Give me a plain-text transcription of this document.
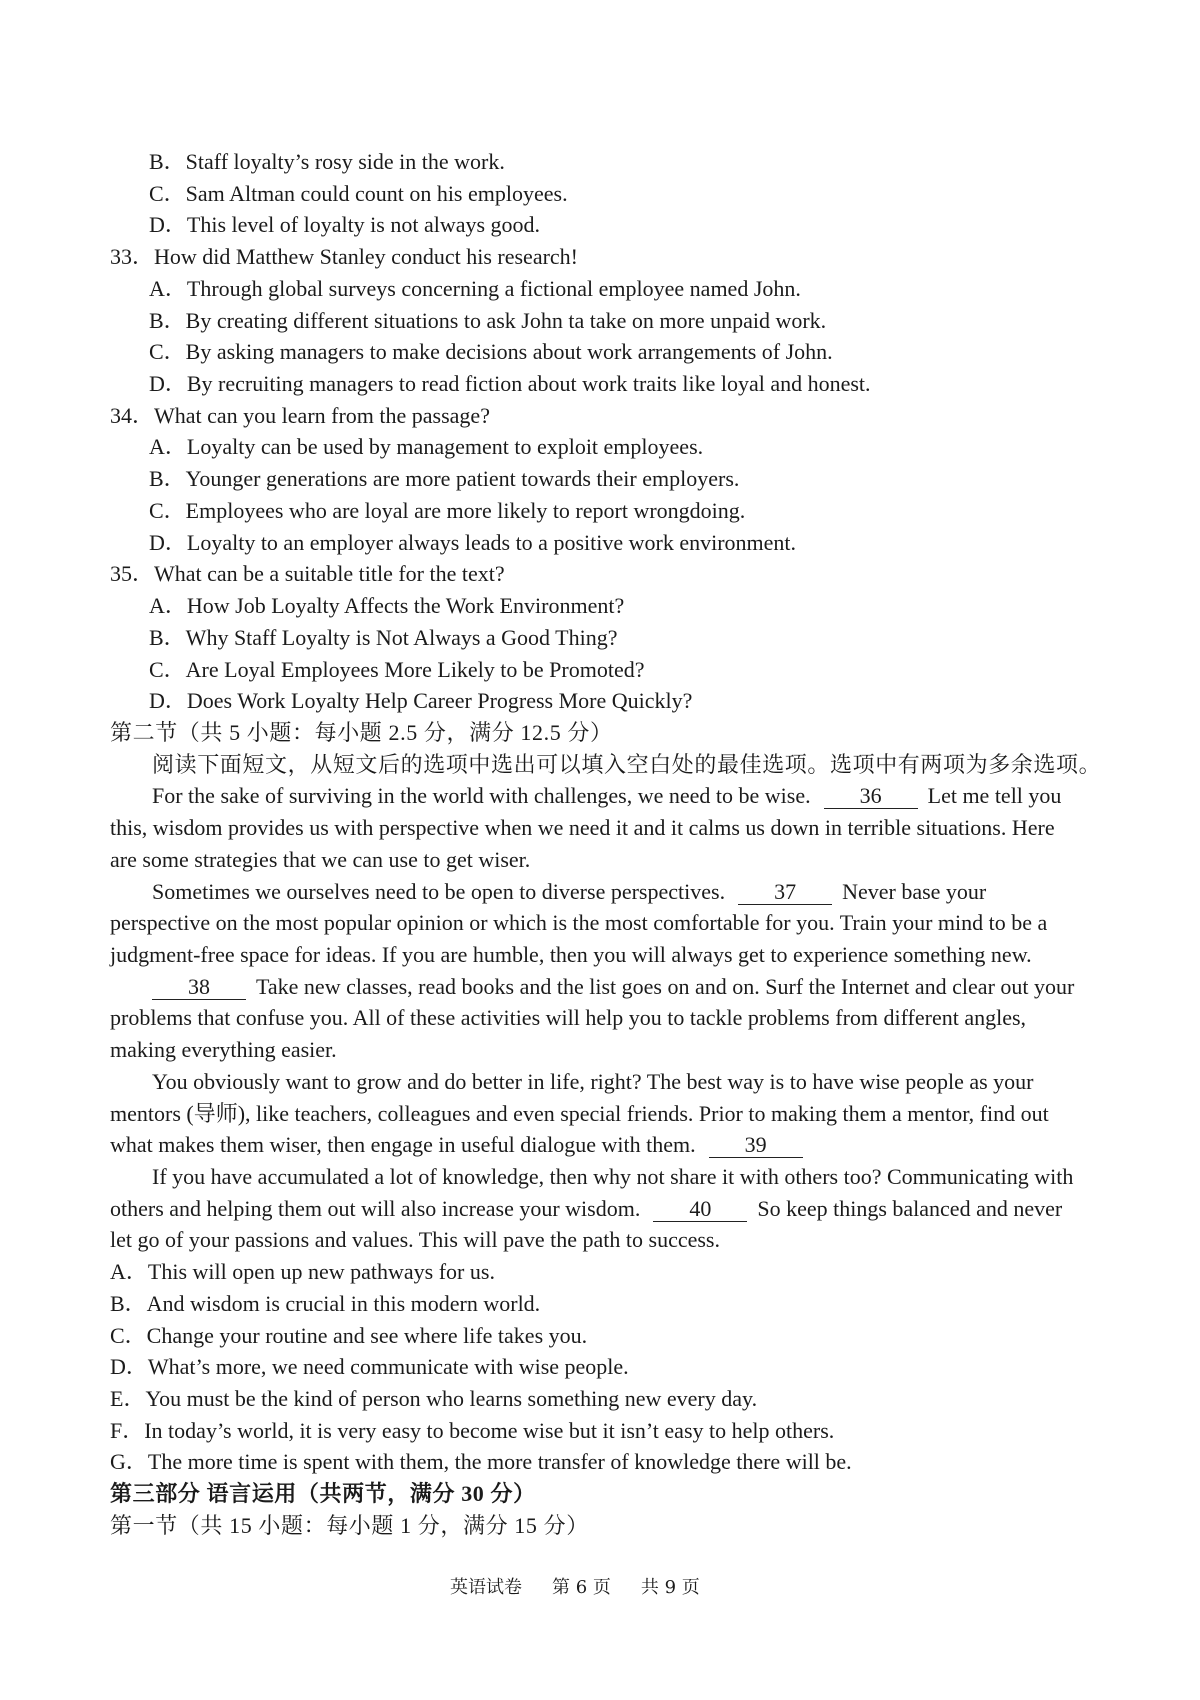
B．Staff loyalty’s rosy side in the work.
C．Sam Altman could count on his employees.
D．This level of loyalty is not always good.
33．How did Matthew Stanley conduct his research!
A．Through global surveys concerning a fictional employee named John.
B．By creating different situations to ask John ta take on more unpaid work.
C．By asking managers to make decisions about work arrangements of John.
D．By recruiting managers to read fiction about work traits like loyal and honest.
34．What can you learn from the passage?
A．Loyalty can be used by management to exploit employees.
B．Younger generations are more patient towards their employers.
C．Employees who are loyal are more likely to report wrongdoing.
D．Loyalty to an employer always leads to a positive work environment.
35．What can be a suitable title for the text?
A．How Job Loyalty Affects the Work Environment?
B．Why Staff Loyalty is Not Always a Good Thing?
C．Are Loyal Employees More Likely to be Promoted?
D．Does Work Loyalty Help Career Progress More Quickly?
第二节（共 5 小题：每小题 2.5 分，满分 12.5 分）
阅读下面短文，从短文后的选项中选出可以填入空白处的最佳选项。选项中有两项为多余选项。
For the sake of surviving in the world with challenges, we need to be wise. 36 Let me tell you
this, wisdom provides us with perspective when we need it and it calms us down in terrible situations. Here
are some strategies that we can use to get wiser.
Sometimes we ourselves need to be open to diverse perspectives. 37 Never base your
perspective on the most popular opinion or which is the most comfortable for you. Train your mind to be a
judgment-free space for ideas. If you are humble, then you will always get to experience something new.
38 Take new classes, read books and the list goes on and on. Surf the Internet and clear out your
problems that confuse you. All of these activities will help you to tackle problems from different angles,
making everything easier.
You obviously want to grow and do better in life, right? The best way is to have wise people as your
mentors (导师), like teachers, colleagues and even special friends. Prior to making them a mentor, find out
what makes them wiser, then engage in useful dialogue with them. 39
If you have accumulated a lot of knowledge, then why not share it with others too? Communicating with
others and helping them out will also increase your wisdom. 40 So keep things balanced and never
let go of your passions and values. This will pave the path to success.
A．This will open up new pathways for us.
B．And wisdom is crucial in this modern world.
C．Change your routine and see where life takes you.
D．What’s more, we need communicate with wise people.
E．You must be the kind of person who learns something new every day.
F．In today’s world, it is very easy to become wise but it isn’t easy to help others.
G．The more time is spent with them, the more transfer of knowledge there will be.
第三部分 语言运用（共两节，满分 30 分）
第一节（共 15 小题：每小题 1 分，满分 15 分）
英语试卷 第 6 页 共 9 页
